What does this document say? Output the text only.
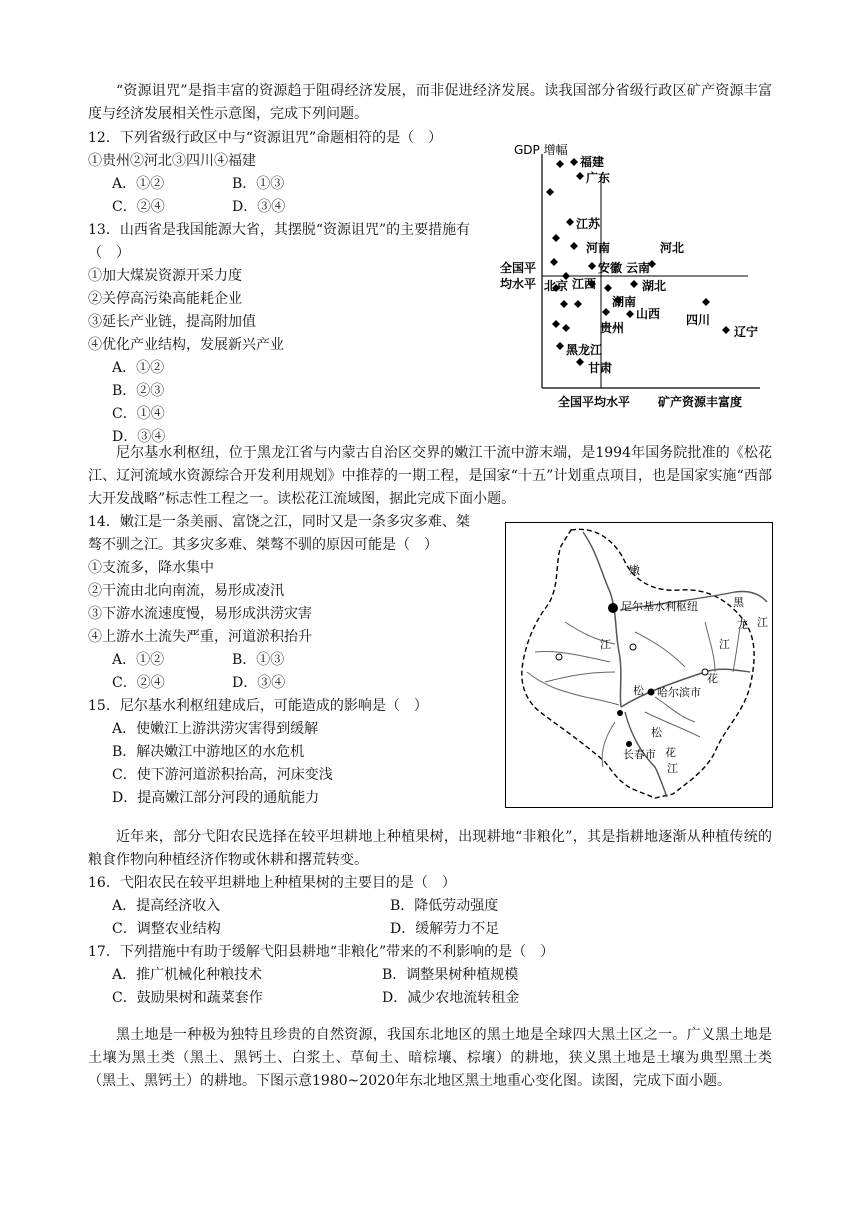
“资源诅咒”是指丰富的资源趋于阻碍经济发展，而非促进经济发展。读我国部分省级行政区矿产资源丰富度与经济发展相关性示意图，完成下列问题。
12．下列省级行政区中与“资源诅咒”命题相符的是（　）
①贵州②河北③四川④福建
A．①②	B．①③
C．②④	D．③④
13．山西省是我国能源大省，其摆脱“资源诅咒”的主要措施有
（　）
①加大煤炭资源开采力度
②关停高污染高能耗企业
③延长产业链，提高附加值
④优化产业结构，发展新兴产业
A．①②
B．②③
C．①④
D．③④
GDP 增幅
矿产资源丰富度
全国平均水平
全国平
均水平
福建
广东
江苏
河南	河北
安徽 云南
北京 江西	湖北
湖南
山西 四川
辽宁
贵州
黑龙江
甘肃
尼尔基水利枢纽，位于黑龙江省与内蒙古自治区交界的嫩江干流中游末端，是1994年国务院批准的《松花江、辽河流域水资源综合开发利用规划》中推荐的一期工程，是国家“十五”计划重点项目，也是国家实施“西部大开发战略”标志性工程之一。读松花江流域图，据此完成下面小题。
14．嫩江是一条美丽、富饶之江，同时又是一条多灾多难、桀
骜不驯之江。其多灾多难、桀骜不驯的原因可能是（　）
①支流多，降水集中
②干流由北向南流，易形成凌汛
③下游水流速度慢，易形成洪涝灾害
④上游水土流失严重，河道淤积抬升
A．①②	B．①③
C．②④	D．③④
15．尼尔基水利枢纽建成后，可能造成的影响是（　）
A．使嫩江上游洪涝灾害得到缓解
B．解决嫩江中游地区的水危机
C．使下游河道淤积抬高，河床变浅
D．提高嫩江部分河段的通航能力
嫩
江
尼尔基水利枢纽	黑
龙 江
江
花
松 哈尔滨市
松
花
江
长春市
近年来，部分弋阳农民选择在较平坦耕地上种植果树，出现耕地“非粮化”，其是指耕地逐渐从种植传统的粮食作物向种植经济作物或休耕和撂荒转变。
16．弋阳农民在较平坦耕地上种植果树的主要目的是（　）
A．提高经济收入	B．降低劳动强度
C．调整农业结构	D．缓解劳力不足
17．下列措施中有助于缓解弋阳县耕地“非粮化”带来的不利影响的是（　）
A．推广机械化种粮技术	B．调整果树种植规模
C．鼓励果树和蔬菜套作	D．减少农地流转租金
黑土地是一种极为独特且珍贵的自然资源，我国东北地区的黑土地是全球四大黑土区之一。广义黑土地是土壤为黑土类（黑土、黑钙土、白浆土、草甸土、暗棕壤、棕壤）的耕地，狭义黑土地是土壤为典型黑土类（黑土、黑钙土）的耕地。下图示意1980~2020年东北地区黑土地重心变化图。读图，完成下面小题。
